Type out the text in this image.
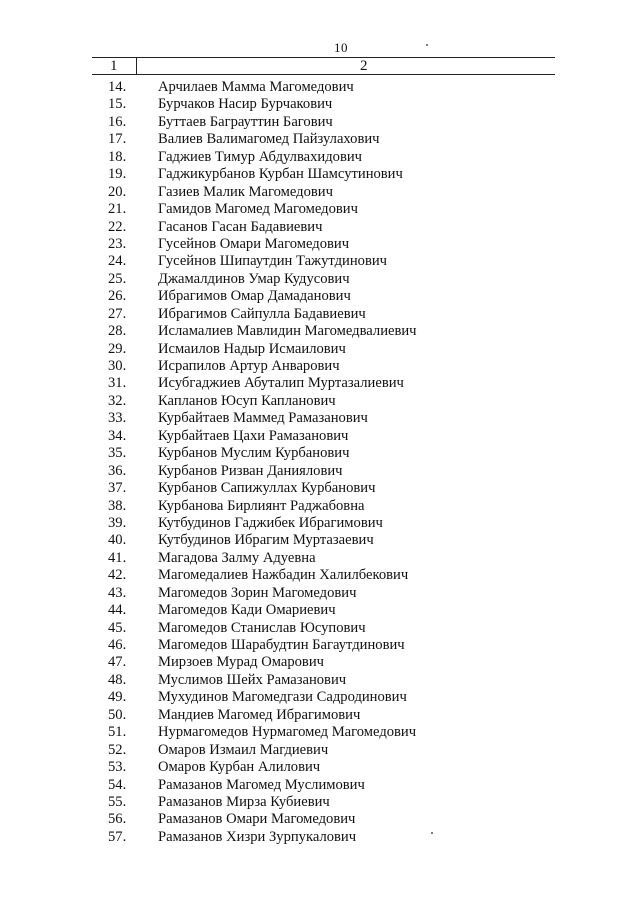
10
1	2
14.	Арчилаев Мамма Магомедович
15.	Бурчаков Насир Бурчакович
16.	Буттаев Баграуттин Багович
17.	Валиев Валимагомед Пайзулахович
18.	Гаджиев Тимур Абдулвахидович
19.	Гаджикурбанов Курбан Шамсутинович
20.	Газиев Малик Магомедович
21.	Гамидов Магомед Магомедович
22.	Гасанов Гасан Бадавиевич
23.	Гусейнов Омари Магомедович
24.	Гусейнов Шипаутдин Тажутдинович
25.	Джамалдинов Умар Кудусович
26.	Ибрагимов Омар Дамаданович
27.	Ибрагимов Сайпулла Бадавиевич
28.	Исламалиев Мавлидин Магомедвалиевич
29.	Исмаилов Надыр Исмаилович
30.	Исрапилов Артур Анварович
31.	Исубгаджиев Абуталип Муртазалиевич
32.	Капланов Юсуп Капланович
33.	Курбайтаев Маммед Рамазанович
34.	Курбайтаев Цахи Рамазанович
35.	Курбанов Муслим Курбанович
36.	Курбанов Ризван Даниялович
37.	Курбанов Сапижуллах Курбанович
38.	Курбанова Бирлиянт Раджабовна
39.	Кутбудинов Гаджибек Ибрагимович
40.	Кутбудинов Ибрагим Муртазаевич
41.	Магадова Залму Адуевна
42.	Магомедалиев Нажбадин Халилбекович
43.	Магомедов Зорин Магомедович
44.	Магомедов Кади Омариевич
45.	Магомедов Станислав Юсупович
46.	Магомедов Шарабудтин Багаутдинович
47.	Мирзоев Мурад Омарович
48.	Муслимов Шейх Рамазанович
49.	Мухудинов Магомедгази Садродинович
50.	Мандиев Магомед Ибрагимович
51.	Нурмагомедов Нурмагомед Магомедович
52.	Омаров Измаил Магдиевич
53.	Омаров Курбан Алилович
54.	Рамазанов Магомед Муслимович
55.	Рамазанов Мирза Кубиевич
56.	Рамазанов Омари Магомедович
57.	Рамазанов Хизри Зурпукалович
